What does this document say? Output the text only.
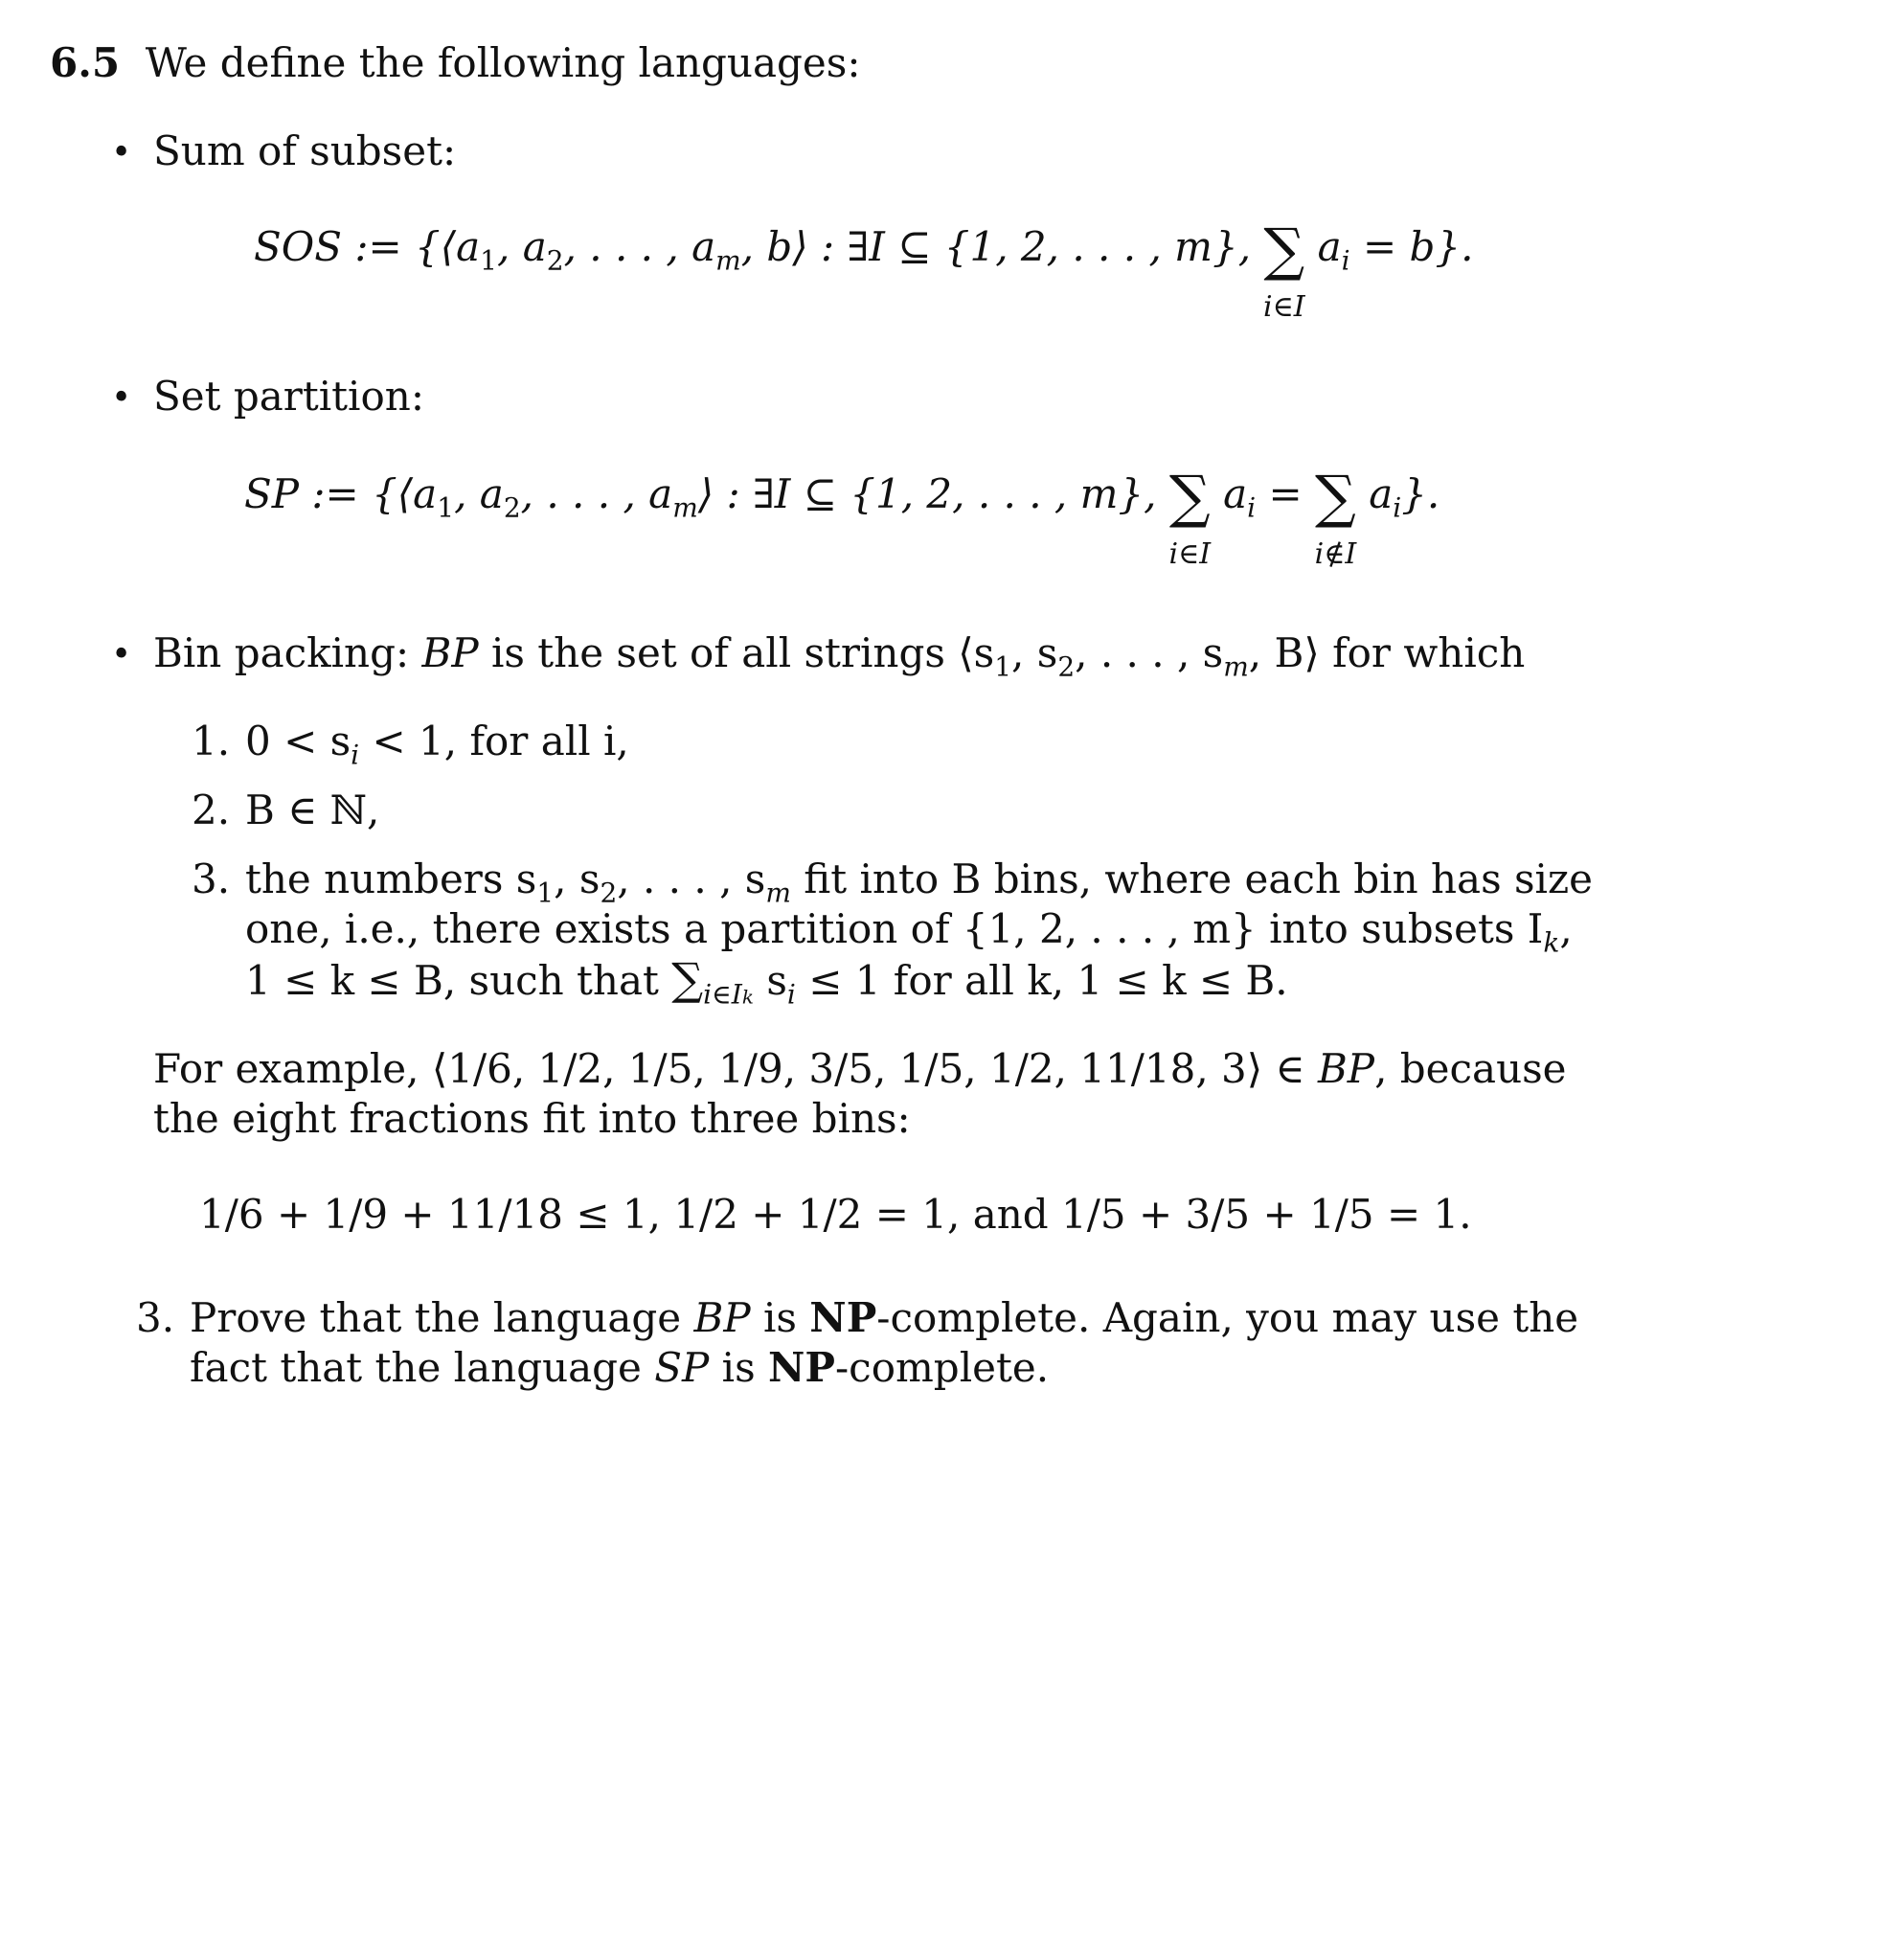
6.5 We define the following languages:
• Sum of subset:
SOS := {$⟨a_1$, $a_2$, . . . , $a_m$, b⟩ : ∃I ⊆ {1, 2, . . . , m}, ∑
i∈I
$a_i = b$}.
• Set partition:
SP := {$⟨a_1$, $a_2$, . . . , $a_m⟩$ : ∃I ⊆ {1, 2, . . . , m}, ∑
i∈I
$a_i$ = ∑
i∉I
$a_i$}.
• Bin packing: BP is the set of all strings $⟨s_1$, $s_2$, . . . , $s_m$, B⟩ for which
1. $0 < s_i < 1$, for all i,
2. B ∈ ℕ,
3. the numbers $s_1$, $s_2$, . . . , $s_m$ fit into B bins, where each bin has size
one, i.e., there exists a partition of {1, 2, . . . , m} into subsets $I_k$,
1 ≤ k ≤ B, such that $\sum_{i\in Ik}$ $s_i \le 1$ for all k, 1 ≤ k ≤ B.
For example, ⟨1/6, 1/2, 1/5, 1/9, 3/5, 1/5, 1/2, 11/18, 3⟩ ∈ BP, because
the eight fractions fit into three bins:
1/6 + 1/9 + 11/18 ≤ 1, 1/2 + 1/2 = 1, and 1/5 + 3/5 + 1/5 = 1.
3. Prove that the language BP is NP-complete. Again, you may use the
fact that the language SP is NP-complete.
